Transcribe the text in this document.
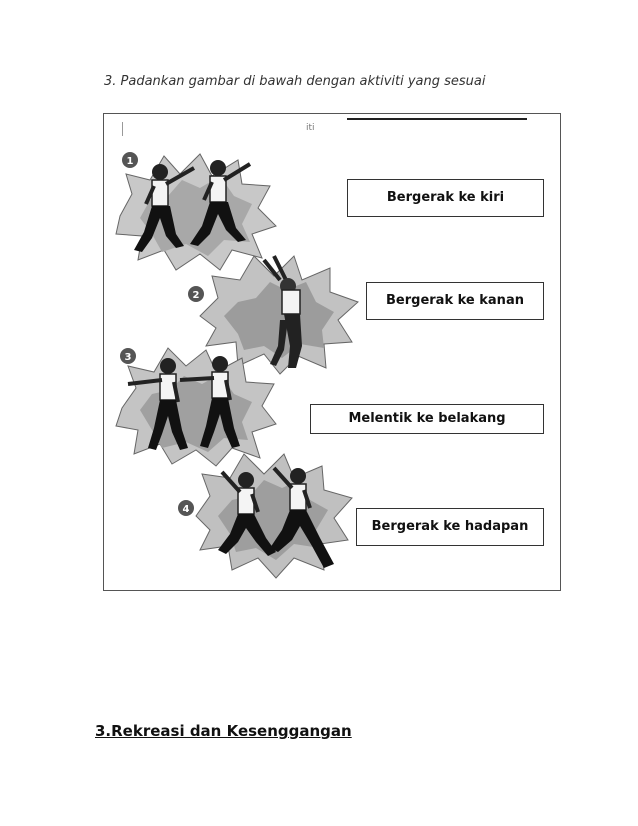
3. Padankan gambar di bawah dengan aktiviti yang sesuai
iti
1
2
3
4
Bergerak ke kiri
Bergerak ke kanan
Melentik ke belakang
Bergerak ke hadapan
3.Rekreasi dan Kesenggangan
